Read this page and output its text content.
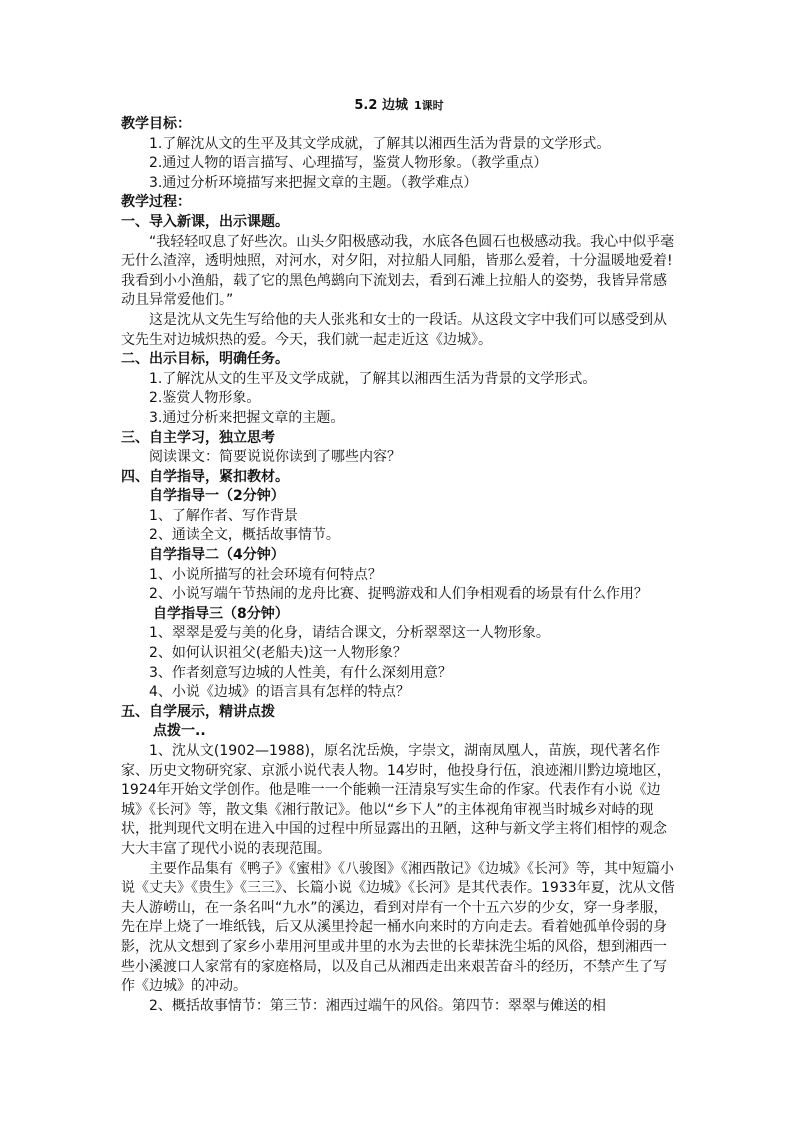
5.2 边城 1课时
教学目标：
1.了解沈从文的生平及其文学成就，了解其以湘西生活为背景的文学形式。
2.通过人物的语言描写、心理描写，鉴赏人物形象。（教学重点）
3.通过分析环境描写来把握文章的主题。（教学难点）
教学过程：
一、导入新课，出示课题。
“我轻轻叹息了好些次。山头夕阳极感动我，水底各色圆石也极感动我。我心中似乎毫无什么渣滓，透明烛照，对河水，对夕阳，对拉船人同船，皆那么爱着，十分温暖地爱着!我看到小小渔船，载了它的黑色鸬鹚向下流划去，看到石滩上拉船人的姿势，我皆异常感动且异常爱他们。”
这是沈从文先生写给他的夫人张兆和女士的一段话。从这段文字中我们可以感受到从文先生对边城炽热的爱。今天，我们就一起走近这《边城》。
二、出示目标，明确任务。
1.了解沈从文的生平及文学成就，了解其以湘西生活为背景的文学形式。
2.鉴赏人物形象。
3.通过分析来把握文章的主题。
三、自主学习，独立思考
阅读课文：简要说说你读到了哪些内容？
四、自学指导，紧扣教材。
自学指导一（2分钟）
1、了解作者、写作背景
2、通读全文，概括故事情节。
自学指导二（4分钟）
1、小说所描写的社会环境有何特点？
2、小说写端午节热闹的龙舟比赛、捉鸭游戏和人们争相观看的场景有什么作用？
自学指导三（8分钟）
1、翠翠是爱与美的化身，请结合课文，分析翠翠这一人物形象。
2、如何认识祖父(老船夫)这一人物形象？
3、作者刻意写边城的人性美，有什么深刻用意？
4、小说《边城》的语言具有怎样的特点？
五、自学展示，精讲点拨
点拨一..
1、沈从文(1902—1988)，原名沈岳焕，字崇文，湖南凤凰人，苗族，现代著名作家、历史文物研究家、京派小说代表人物。14岁时，他投身行伍，浪迹湘川黔边境地区，1924年开始文学创作。他是唯一一个能赖一汪清泉写实生命的作家。代表作有小说《边城》《长河》等，散文集《湘行散记》。他以“乡下人”的主体视角审视当时城乡对峙的现状，批判现代文明在进入中国的过程中所显露出的丑陋，这种与新文学主将们相悖的观念大大丰富了现代小说的表现范围。
主要作品集有《鸭子》《蜜柑》《八骏图》《湘西散记》《边城》《长河》等，其中短篇小说《丈夫》《贵生》《三三》、长篇小说《边城》《长河》是其代表作。1933年夏，沈从文偕夫人游崂山，在一条名叫“九水”的溪边，看到对岸有一个十五六岁的少女，穿一身孝服，先在岸上烧了一堆纸钱，后又从溪里拎起一桶水向来时的方向走去。看着她孤单伶弱的身影，沈从文想到了家乡小辈用河里或井里的水为去世的长辈抹洗尘垢的风俗，想到湘西一些小溪渡口人家常有的家庭格局，以及自己从湘西走出来艰苦奋斗的经历，不禁产生了写作《边城》的冲动。
2、概括故事情节：第三节：湘西过端午的风俗。第四节：翠翠与傩送的相
